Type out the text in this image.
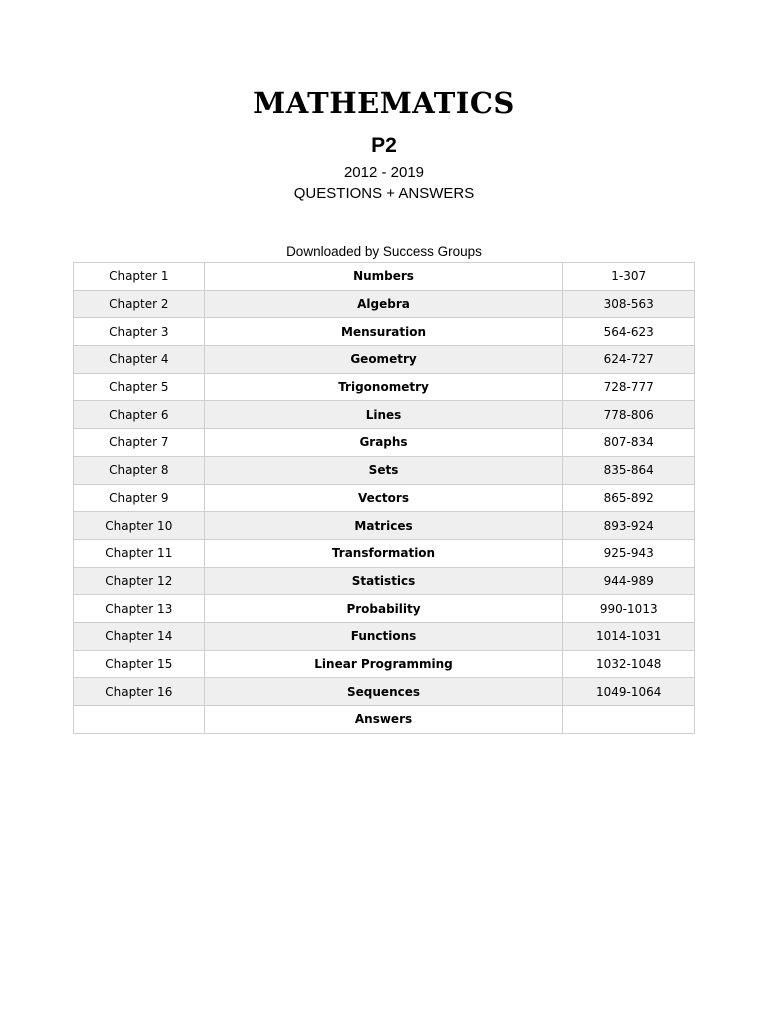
MATHEMATICS
P2
2012 - 2019
QUESTIONS + ANSWERS
Downloaded by Success Groups
Chapter 1	Numbers	1-307
Chapter 2	Algebra	308-563
Chapter 3	Mensuration	564-623
Chapter 4	Geometry	624-727
Chapter 5	Trigonometry	728-777
Chapter 6	Lines	778-806
Chapter 7	Graphs	807-834
Chapter 8	Sets	835-864
Chapter 9	Vectors	865-892
Chapter 10	Matrices	893-924
Chapter 11	Transformation	925-943
Chapter 12	Statistics	944-989
Chapter 13	Probability	990-1013
Chapter 14	Functions	1014-1031
Chapter 15	Linear Programming	1032-1048
Chapter 16	Sequences	1049-1064
	Answers	
